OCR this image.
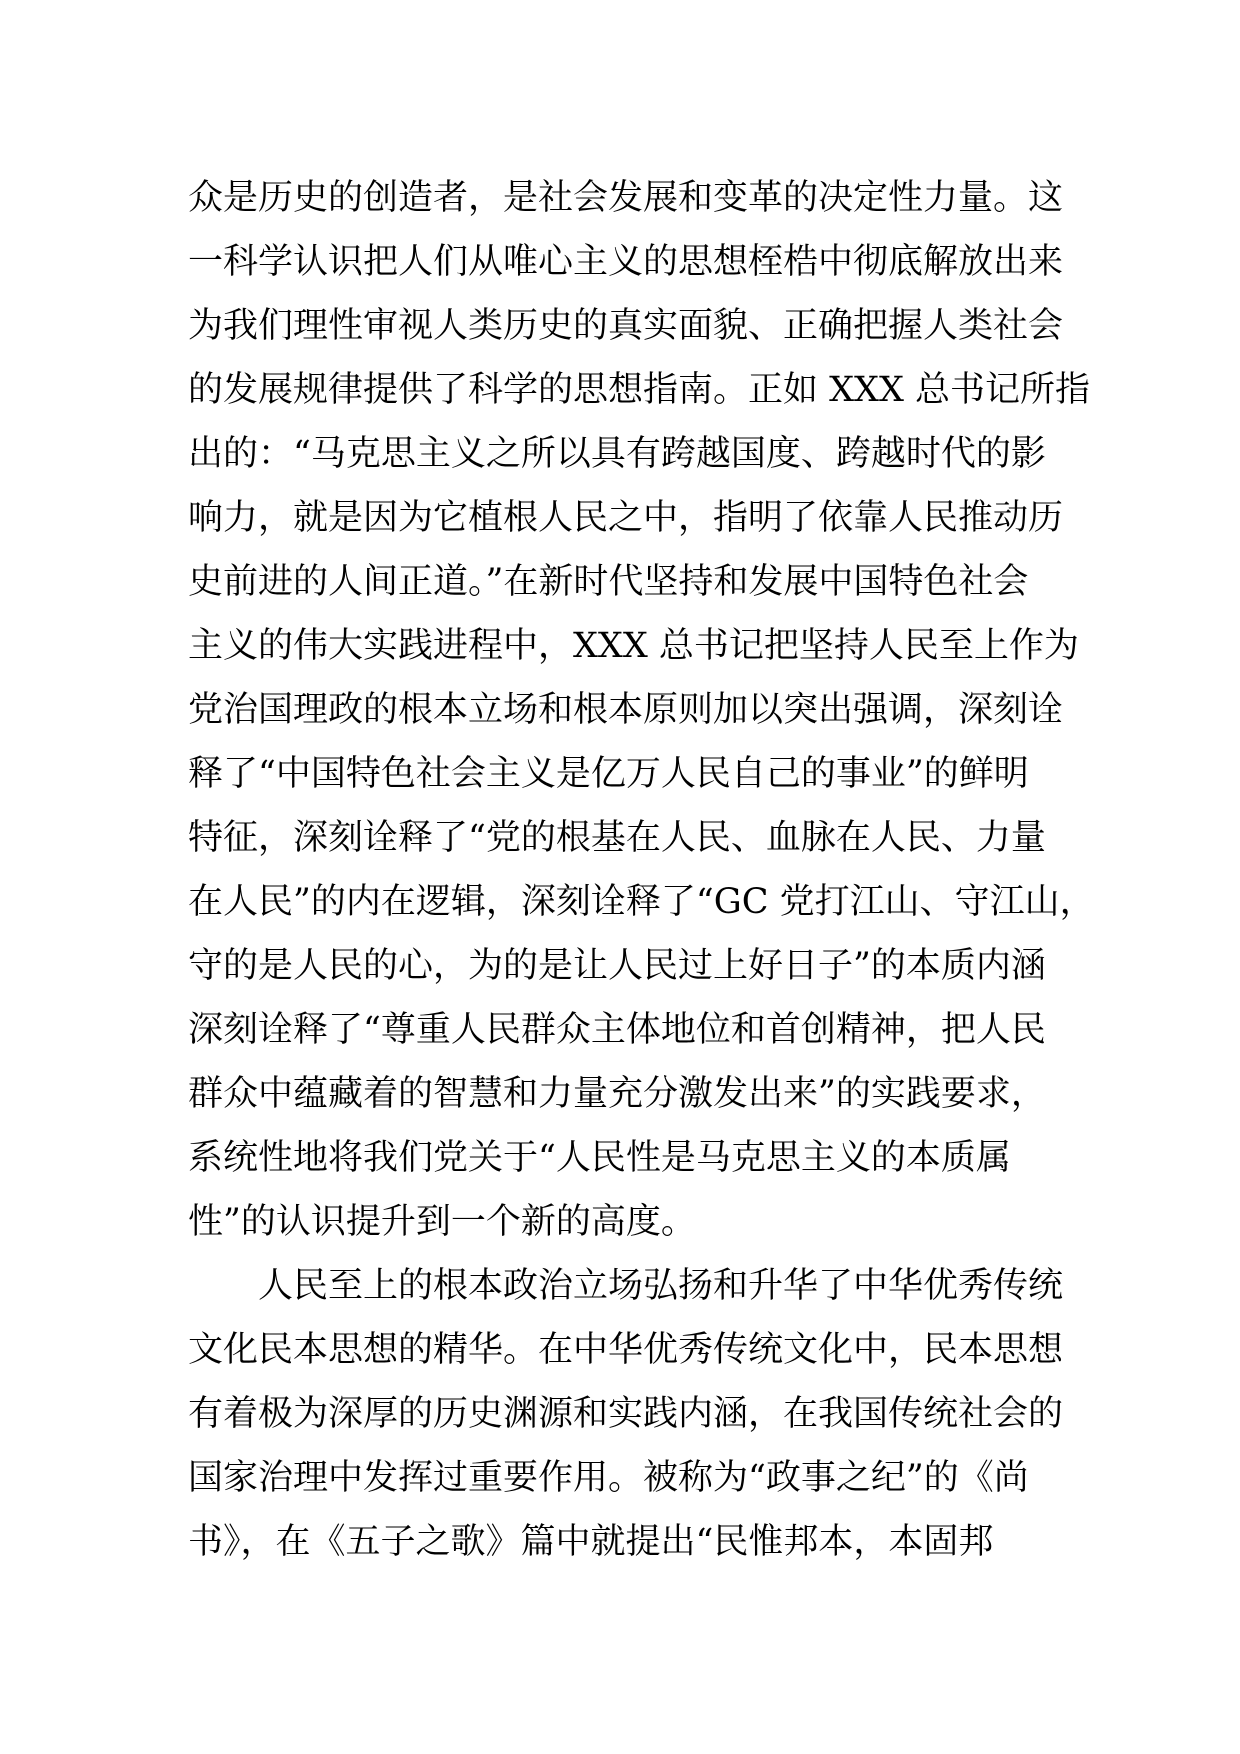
众是历史的创造者，是社会发展和变革的决定性力量。这
一科学认识把人们从唯心主义的思想桎梏中彻底解放出来
为我们理性审视人类历史的真实面貌、正确把握人类社会
的发展规律提供了科学的思想指南。正如 XXX 总书记所指
出的：“马克思主义之所以具有跨越国度、跨越时代的影
响力，就是因为它植根人民之中，指明了依靠人民推动历
史前进的人间正道。”在新时代坚持和发展中国特色社会
主义的伟大实践进程中，XXX 总书记把坚持人民至上作为
党治国理政的根本立场和根本原则加以突出强调，深刻诠
释了“中国特色社会主义是亿万人民自己的事业”的鲜明
特征，深刻诠释了“党的根基在人民、血脉在人民、力量
在人民”的内在逻辑，深刻诠释了“GC 党打江山、守江山，
守的是人民的心，为的是让人民过上好日子”的本质内涵
深刻诠释了“尊重人民群众主体地位和首创精神，把人民
群众中蕴藏着的智慧和力量充分激发出来”的实践要求，
系统性地将我们党关于“人民性是马克思主义的本质属
性”的认识提升到一个新的高度。
人民至上的根本政治立场弘扬和升华了中华优秀传统
文化民本思想的精华。在中华优秀传统文化中，民本思想
有着极为深厚的历史渊源和实践内涵，在我国传统社会的
国家治理中发挥过重要作用。被称为“政事之纪”的《尚
书》，在《五子之歌》篇中就提出“民惟邦本，本固邦
